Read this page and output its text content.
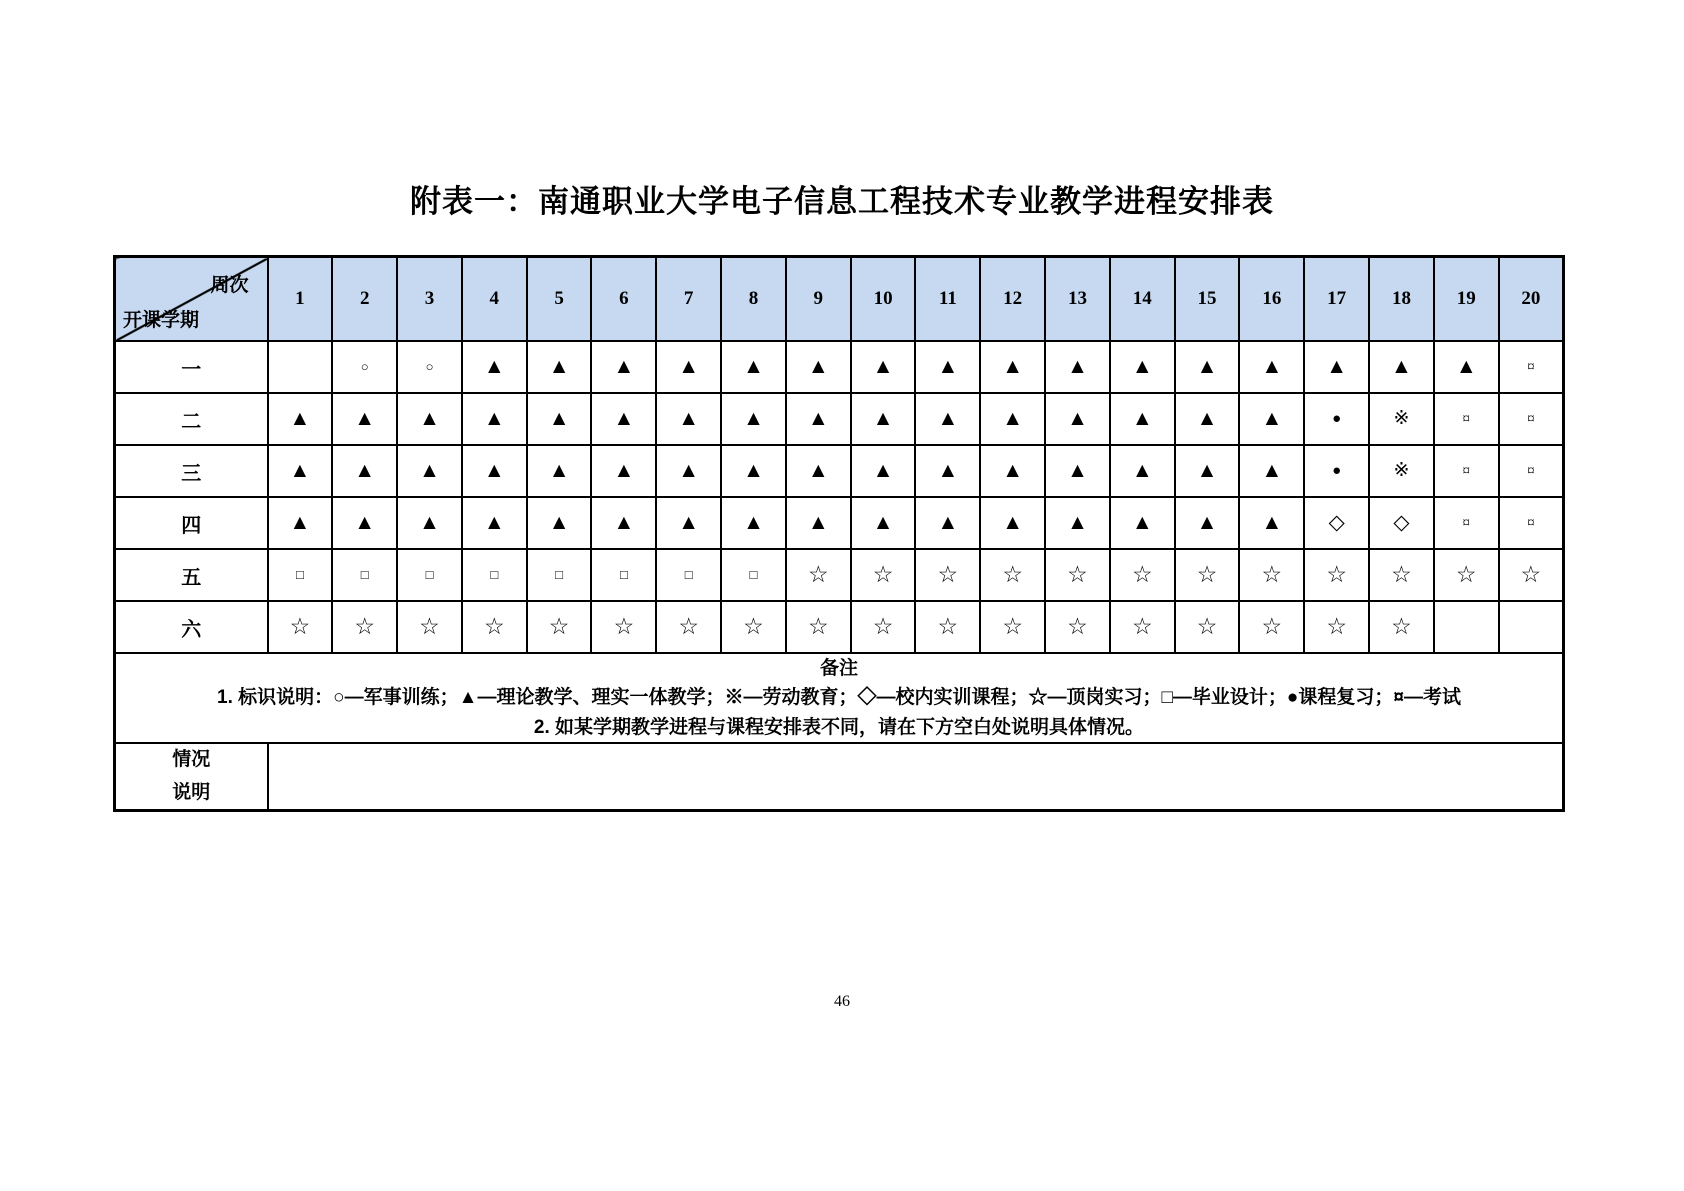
附表一：南通职业大学电子信息工程技术专业教学进程安排表
周次
开课学期	1	2	3	4	5	6	7	8	9	10	11	12	13	14	15	16	17	18	19	20
一		○	○	▲	▲	▲	▲	▲	▲	▲	▲	▲	▲	▲	▲	▲	▲	▲	▲	¤
二	▲	▲	▲	▲	▲	▲	▲	▲	▲	▲	▲	▲	▲	▲	▲	▲	●	※	¤	¤
三	▲	▲	▲	▲	▲	▲	▲	▲	▲	▲	▲	▲	▲	▲	▲	▲	●	※	¤	¤
四	▲	▲	▲	▲	▲	▲	▲	▲	▲	▲	▲	▲	▲	▲	▲	▲	◇	◇	¤	¤
五	□	□	□	□	□	□	□	□	☆	☆	☆	☆	☆	☆	☆	☆	☆	☆	☆	☆
六	☆	☆	☆	☆	☆	☆	☆	☆	☆	☆	☆	☆	☆	☆	☆	☆	☆	☆		

备注
1. 标识说明：○—军事训练；▲—理论教学、理实一体教学；※—劳动教育；◇—校内实训课程；☆—顶岗实习；□—毕业设计；●课程复习；¤—考试
2. 如某学期教学进程与课程安排表不同，请在下方空白处说明具体情况。																				

情况
说明																				

46
